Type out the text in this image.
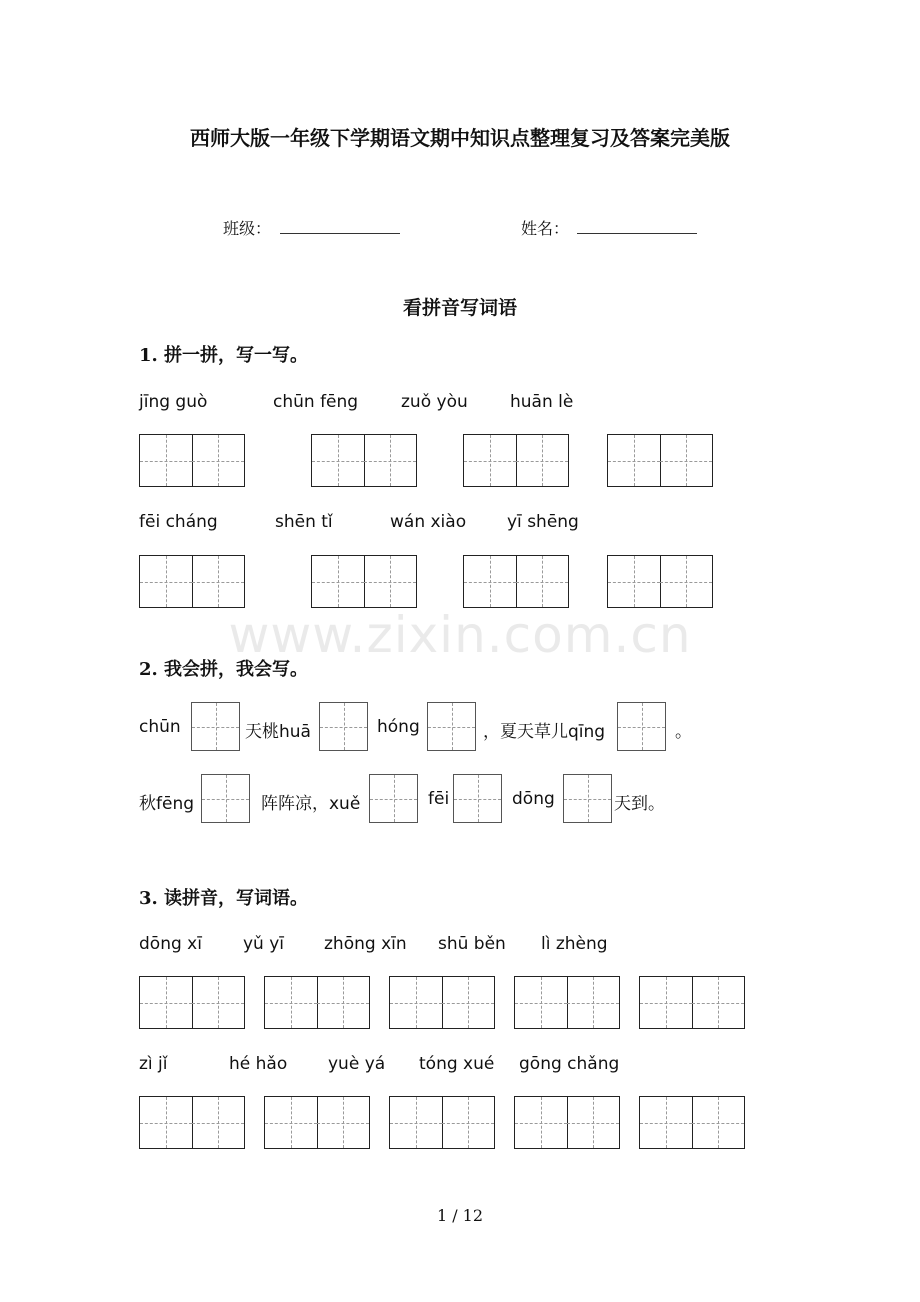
西师大版一年级下学期语文期中知识点整理复习及答案完美版
班级：	姓名：
看拼音写词语
1. 拼一拼，写一写。
jīng guò	chūn fēng	zuǒ yòu huān lè
fēi cháng	shēn tǐ	wán xiào yī shēng
www.zixin.com.cn
2. 我会拼，我会写。
chūn	天桃huā	hóng	，夏天草儿qīng	。
秋fēng	阵阵凉，xuě	fēi	dōng	天到。
3. 读拼音，写词语。
dōng xī yǔ yī zhōng xīn shū běn lì zhèng
zì jǐ	hé hǎo yuè yá tóng xué gōng chǎng
1 / 12
